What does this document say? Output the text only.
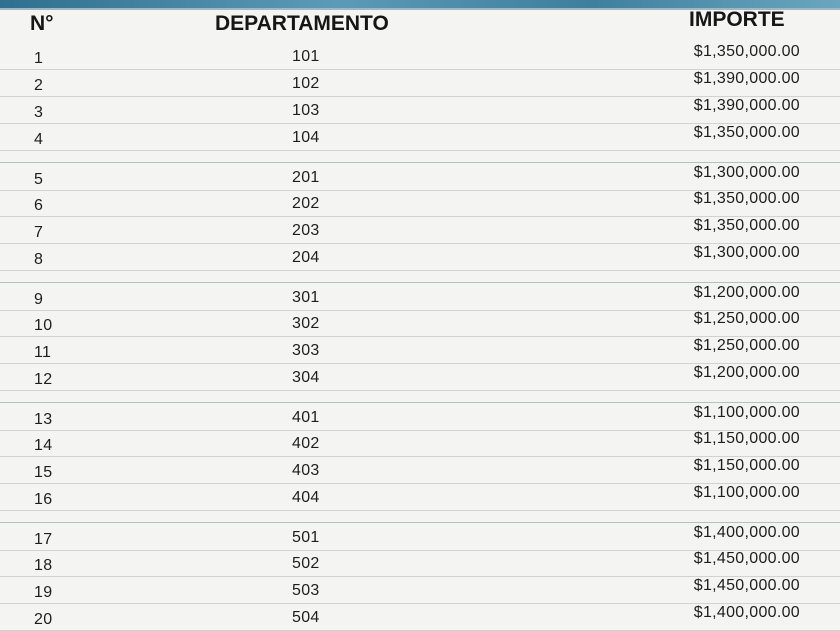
N°	DEPARTAMENTO	IMPORTE
1	101	$1,350,000.00
2	102	$1,390,000.00
3	103	$1,390,000.00
4	104	$1,350,000.00
5	201	$1,300,000.00
6	202	$1,350,000.00
7	203	$1,350,000.00
8	204	$1,300,000.00
9	301	$1,200,000.00
10	302	$1,250,000.00
11	303	$1,250,000.00
12	304	$1,200,000.00
13	401	$1,100,000.00
14	402	$1,150,000.00
15	403	$1,150,000.00
16	404	$1,100,000.00
17	501	$1,400,000.00
18	502	$1,450,000.00
19	503	$1,450,000.00
20	504	$1,400,000.00
